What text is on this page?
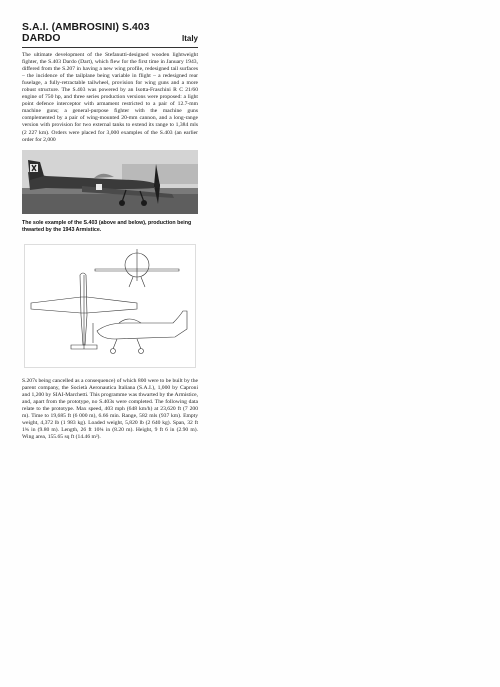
S.A.I. (AMBROSINI) S.403
DARDO	Italy

The ultimate development of the Stefanutti-designed wooden lightweight fighter, the S.403 Dardo (Dart), which flew for the first time in January 1943, differed from the S.207 in having a new wing profile, redesigned tail surfaces – the incidence of the tailplane being variable in flight – a redesigned rear fuselage, a fully-retractable tailwheel, provision for wing guns and a more robust structure. The S.403 was powered by an Isotta-Fraschini R C 21/60 engine of 750 hp, and three series production versions were proposed: a light point defence interceptor with armament restricted to a pair of 12.7-mm machine guns; a general-purpose fighter with the machine guns complemented by a pair of wing-mounted 20-mm cannon, and a long-range version with provision for two external tanks to extend its range to 1,384 mls (2 227 km). Orders were placed for 3,000 examples of the S.403 (an earlier order for 2,000

The sole example of the S.403 (above and below), production being thwarted by the 1943 Armistice.

S.207s being cancelled as a consequence) of which 800 were to be built by the parent company, the Società Aeronautica Italiana (S.A.I.), 1,000 by Caproni and 1,200 by SIAI-Marchetti. This programme was thwarted by the Armistice, and, apart from the prototype, no S.403s were completed. The following data relate to the prototype. Max speed, 403 mph (648 km/h) at 23,620 ft (7 200 m). Time to 19,685 ft (6 000 m), 6.66 min. Range, 582 mls (937 km). Empty weight, 4,372 lb (1 983 kg). Loaded weight, 5,820 lb (2 640 kg). Span, 32 ft 1¾ in (9.80 m). Length, 26 ft 10¾ in (8.20 m). Height, 9 ft 6 in (2.90 m). Wing area, 155.65 sq ft (14.46 m²).
